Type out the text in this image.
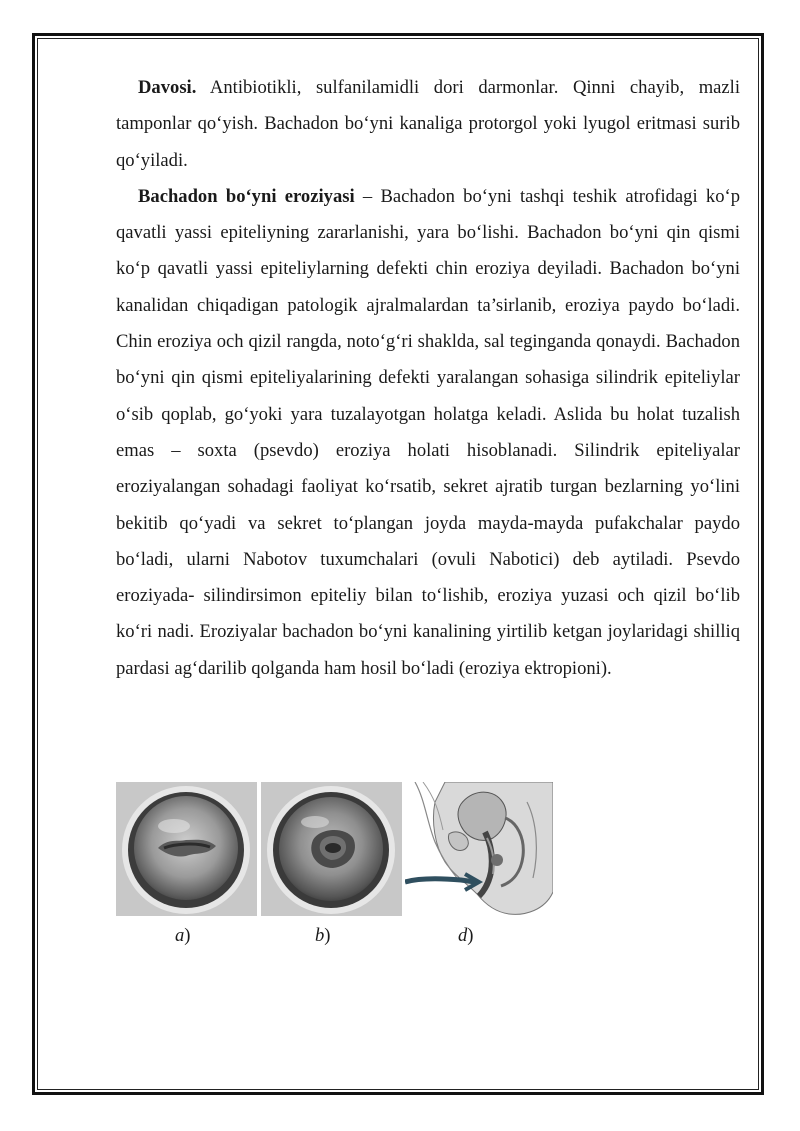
Davosi. Antibiotikli, sulfanilamidli dori darmonlar. Qinni chayib, mazli tamponlar qo‘yish. Bachadon bo‘yni kanaliga protorgol yoki lyugol eritmasi surib qo‘yiladi.

Bachadon bo‘yni eroziyasi – Bachadon bo‘yni tashqi teshik atrofidagi ko‘p qavatli yassi epiteliyning zararlanishi, yara bo‘lishi. Bachadon bo‘yni qin qismi ko‘p qavatli yassi epiteliylarning defekti chin eroziya deyiladi. Bachadon bo‘yni kanalidan chiqadigan patologik ajralmalardan ta’sirlanib, eroziya paydo bo‘ladi. Chin eroziya och qizil rangda, noto‘g‘ri shaklda, sal teginganda qonaydi. Bachadon bo‘yni qin qismi epiteliyalarining defekti yaralangan sohasiga silindrik epiteliylar o‘sib qoplab, go‘yoki yara tuzalayotgan holatga keladi. Aslida bu holat tuzalish emas – soxta (psevdo) eroziya holati hisoblanadi. Silindrik epiteliyalar eroziyalangan sohadagi faoliyat ko‘rsatib, sekret ajratib turgan bezlarning yo‘lini bekitib qo‘yadi va sekret to‘plangan joyda mayda-mayda pufakchalar paydo bo‘ladi, ularni Nabotov tuxumchalari (ovuli Nabotici) deb aytiladi. Psevdo eroziyada- silindirsimon epiteliy bilan to‘lishib, eroziya yuzasi och qizil bo‘lib ko‘ri nadi. Eroziyalar bachadon bo‘yni kanalining yirtilib ketgan joylaridagi shilliq pardasi ag‘darilib qolganda ham hosil bo‘ladi (eroziya ektropioni).

a)	b)	d)
